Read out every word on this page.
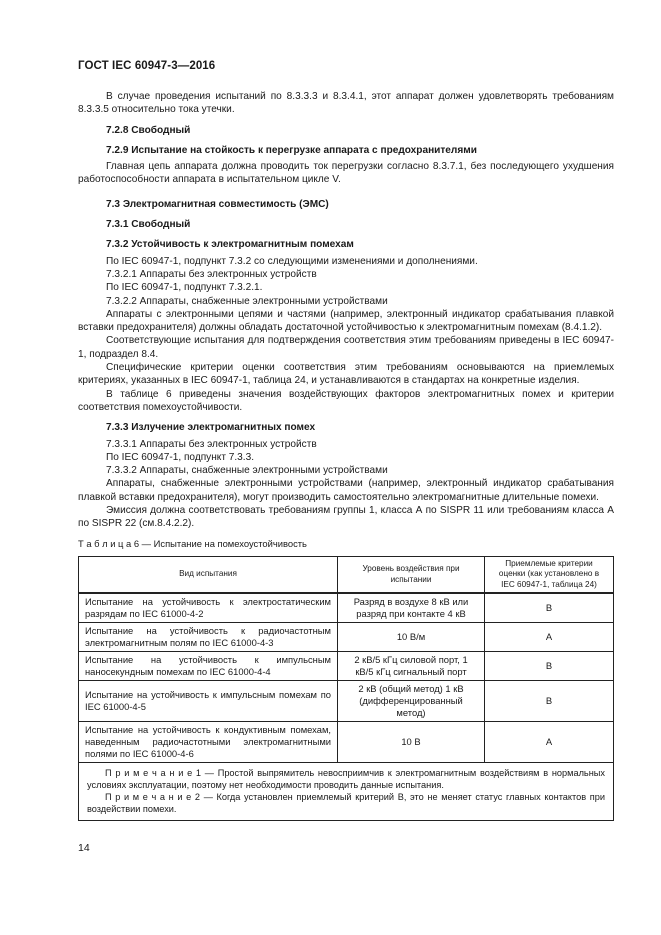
ГОСТ IEC 60947-3—2016

В случае проведения испытаний по 8.3.3.3 и 8.3.4.1, этот аппарат должен удовлетворять требованиям 8.3.3.5 относительно тока утечки.

7.2.8 Свободный
7.2.9 Испытание на стойкость к перегрузке аппарата с предохранителями

Главная цепь аппарата должна проводить ток перегрузки согласно 8.3.7.1, без последующего ухудшения работоспособности аппарата в испытательном цикле V.

7.3 Электромагнитная совместимость (ЭМС)
7.3.1 Свободный
7.3.2 Устойчивость к электромагнитным помехам

По IEC 60947-1, подпункт 7.3.2 со следующими изменениями и дополнениями.

7.3.2.1 Аппараты без электронных устройств

По IEC 60947-1, подпункт 7.3.2.1.

7.3.2.2 Аппараты, снабженные электронными устройствами

Аппараты с электронными цепями и частями (например, электронный индикатор срабатывания плавкой вставки предохранителя) должны обладать достаточной устойчивостью к электромагнитным помехам (8.4.1.2).

Соответствующие испытания для подтверждения соответствия этим требованиям приведены в IEC 60947-1, подраздел 8.4.

Специфические критерии оценки соответствия этим требованиям основываются на приемлемых критериях, указанных в IEC 60947-1, таблица 24, и устанавливаются в стандартах на конкретные изделия.

В таблице 6 приведены значения воздействующих факторов электромагнитных помех и критерии соответствия помехоустойчивости.

7.3.3 Излучение электромагнитных помех

7.3.3.1 Аппараты без электронных устройств

По IEC 60947-1, подпункт 7.3.3.

7.3.3.2 Аппараты, снабженные электронными устройствами

Аппараты, снабженные электронными устройствами (например, электронный индикатор срабатывания плавкой вставки предохранителя), могут производить самостоятельно электромагнитные длительные помехи.

Эмиссия должна соответствовать требованиям группы 1, класса А по SISPR 11 или требованиям класса А по SISPR 22 (см.8.4.2.2).

Т а б л и ц а 6 — Испытание на помехоустойчивость
Вид испытания	Уровень воздействия при испытании	Приемлемые критерии оценки (как установлено в IEC 60947-1, таблица 24)
Испытание на устойчивость к электростатическим разрядам по IEC 61000-4-2	Разряд в воздухе 8 кВ или разряд при контакте 4 кВ	В
Испытание на устойчивость к радиочастотным электромагнитным полям по IEC 61000-4-3	10 В/м	А
Испытание на устойчивость к импульсным наносекундным помехам по IEC 61000-4-4	2 кВ/5 кГц силовой порт, 1 кВ/5 кГц сигнальный порт	В
Испытание на устойчивость к импульсным помехам по IEC 61000-4-5	2 кВ (общий метод) 1 кВ (дифференцированный метод)	В
Испытание на устойчивость к кондуктивным помехам, наведенным радиочастотными электромагнитными полями по IEC 61000-4-6	10 В	А

П р и м е ч а н и е 1 — Простой выпрямитель невосприимчив к электромагнитным воздействиям в нормальных условиях эксплуатации, поэтому нет необходимости проводить данные испытания.

П р и м е ч а н и е 2 — Когда установлен приемлемый критерий В, это не меняет статус главных контактов при воздействии помехи.		

14
